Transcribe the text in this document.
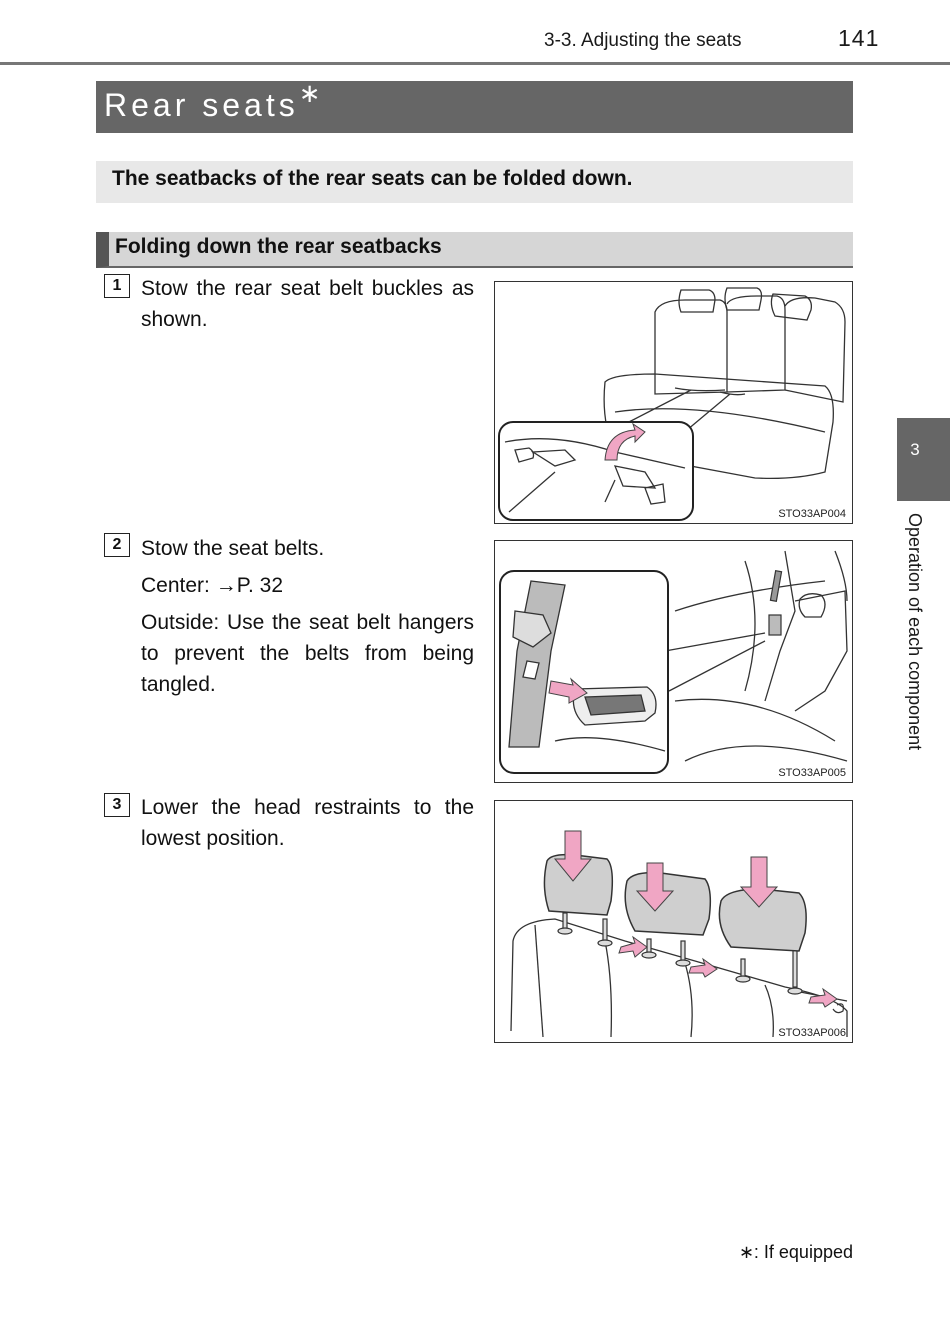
3-3. Adjusting the seats	141
Rear seats∗
The seatbacks of the rear seats can be folded down.
Folding down the rear seatbacks
1 Stow the rear seat belt buckles as shown.
STO33AP004
2 Stow the seat belts.
Center: →P. 32
Outside: Use the seat belt hangers to prevent the belts from being tangled.
STO33AP005
3 Lower the head restraints to the lowest position.
STO33AP006
3
Operation of each component
∗: If equipped
